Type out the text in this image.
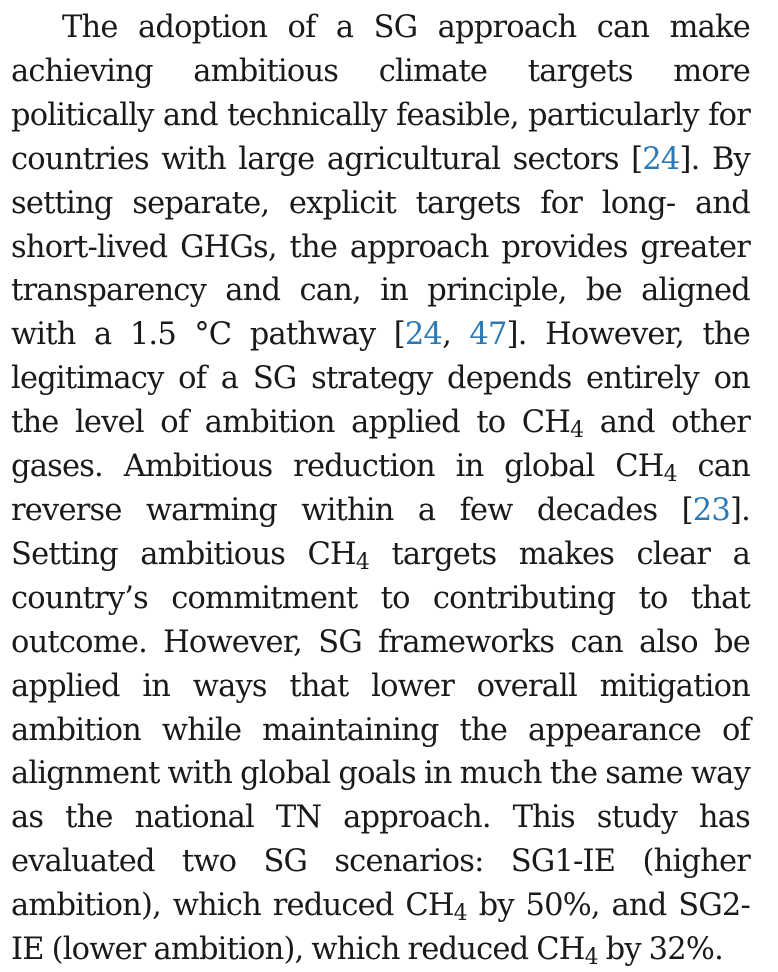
The adoption of a SG approach can make achieving ambitious climate targets more politically and technically feasible, particularly for countries with large agricultural sectors [24]. By setting separate, explicit targets for long- and short-lived GHGs, the approach provides greater transparency and can, in principle, be aligned with a 1.5 °C pathway [24, 47]. However, the legitimacy of a SG strategy depends entirely on the level of ambition applied to $CH_4$ and other gases. Ambitious reduction in global $CH_4$ can reverse warming within a few decades [23]. Setting ambitious $CH_4$ targets makes clear a country’s commitment to contributing to that outcome. However, SG frameworks can also be applied in ways that lower overall mitigation ambition while maintaining the appearance of alignment with global goals in much the same way as the national TN approach. This study has evaluated two SG scenarios: SG1-IE (higher ambition), which reduced $CH_4$ by 50%, and SG2-IE (lower ambition), which reduced $CH_4$ by 32%.
